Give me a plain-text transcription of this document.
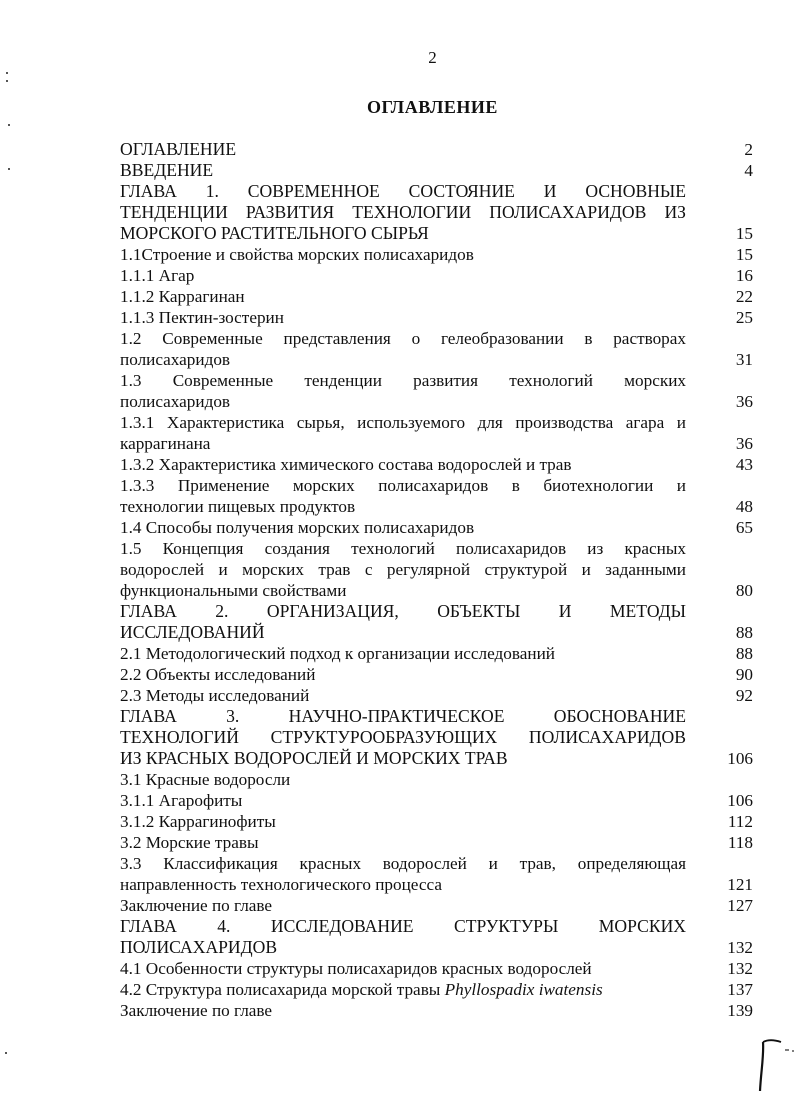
2
ОГЛАВЛЕНИЕ
ОГЛАВЛЕНИЕ	2
ВВЕДЕНИЕ	4
ГЛАВА 1. СОВРЕМЕННОЕ СОСТОЯНИЕ И ОСНОВНЫЕ
ТЕНДЕНЦИИ РАЗВИТИЯ ТЕХНОЛОГИИ ПОЛИСАХАРИДОВ ИЗ
МОРСКОГО РАСТИТЕЛЬНОГО СЫРЬЯ	15
1.1Строение и свойства морских полисахаридов	15
1.1.1 Агар	16
1.1.2 Каррагинан	22
1.1.3 Пектин-зостерин	25
1.2 Современные представления о гелеобразовании в растворах
полисахаридов	31
1.3 Современные тенденции развития технологий морских
полисахаридов	36
1.3.1 Характеристика сырья, используемого для производства агара и
каррагинана	36
1.3.2 Характеристика химического состава водорослей и трав	43
1.3.3 Применение морских полисахаридов в биотехнологии и
технологии пищевых продуктов	48
1.4 Способы получения морских полисахаридов	65
1.5 Концепция создания технологий полисахаридов из красных
водорослей и морских трав с регулярной структурой и заданными
функциональными свойствами	80
ГЛАВА 2. ОРГАНИЗАЦИЯ, ОБЪЕКТЫ И МЕТОДЫ
ИССЛЕДОВАНИЙ	88
2.1 Методологический подход к организации исследований	88
2.2 Объекты исследований	90
2.3 Методы исследований	92
ГЛАВА 3. НАУЧНО-ПРАКТИЧЕСКОЕ ОБОСНОВАНИЕ
ТЕХНОЛОГИЙ СТРУКТУРООБРАЗУЮЩИХ ПОЛИСАХАРИДОВ
ИЗ КРАСНЫХ ВОДОРОСЛЕЙ И МОРСКИХ ТРАВ	106
3.1 Красные водоросли
3.1.1 Агарофиты	106
3.1.2 Каррагинофиты	112
3.2 Морские травы	118
3.3 Классификация красных водорослей и трав, определяющая
направленность технологического процесса	121
Заключение по главе	127
ГЛАВА 4. ИССЛЕДОВАНИЕ СТРУКТУРЫ МОРСКИХ
ПОЛИСАХАРИДОВ	132
4.1 Особенности структуры полисахаридов красных водорослей	132
4.2 Структура полисахарида морской травы Phyllospadix iwatensis	137
Заключение по главе	139
